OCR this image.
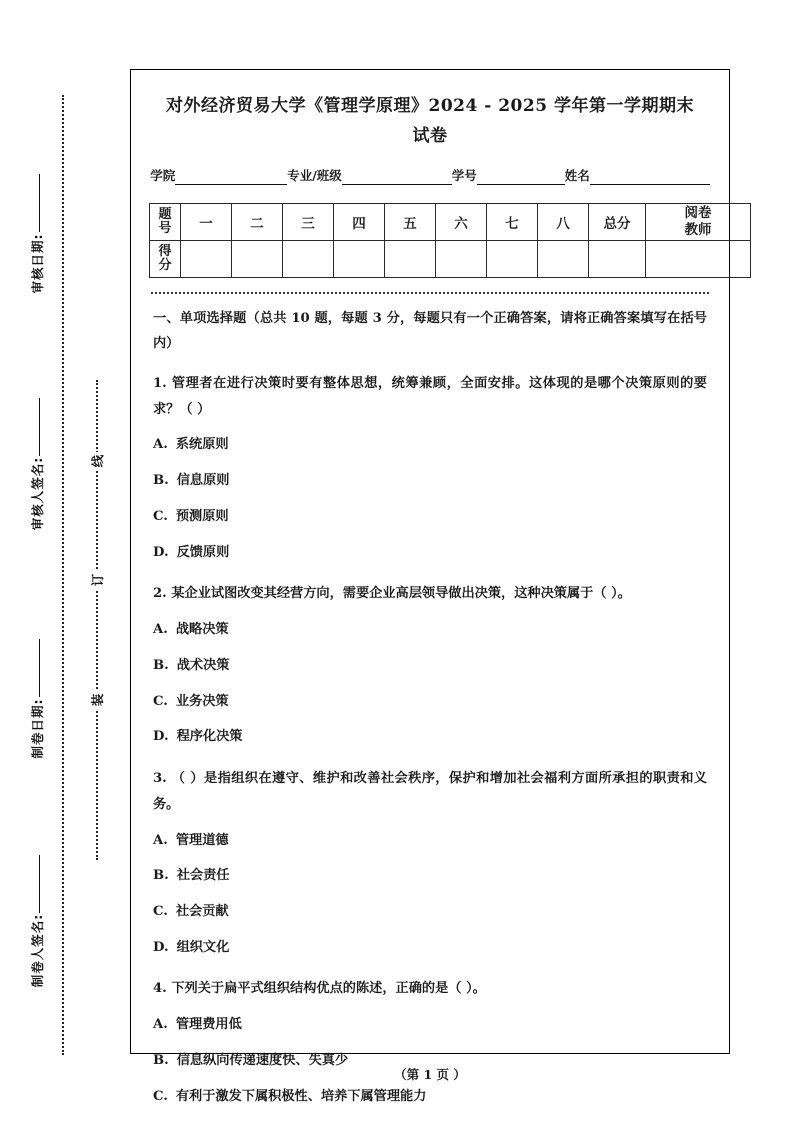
审核日期:
审核人签名:
制卷日期:
制卷人签名:
线
订
装
对外经济贸易大学《管理学原理》2024 - 2025 学年第一学期期末试卷
学院	专业/班级	学号	姓名
题
号	一	二	三	四	五	六	七	八	总分	阅卷
教师

得
分										

一、单项选择题（总共 10 题，每题 3 分，每题只有一个正确答案，请将正确答案填写在括号内）
1. 管理者在进行决策时要有整体思想，统筹兼顾，全面安排。这体现的是哪个决策原则的要求？（ ）
A. 系统原则
B. 信息原则
C. 预测原则
D. 反馈原则
2. 某企业试图改变其经营方向，需要企业高层领导做出决策，这种决策属于（ ）。
A. 战略决策
B. 战术决策
C. 业务决策
D. 程序化决策
3. （ ）是指组织在遵守、维护和改善社会秩序，保护和增加社会福利方面所承担的职责和义务。
A. 管理道德
B. 社会责任
C. 社会贡献
D. 组织文化
4. 下列关于扁平式组织结构优点的陈述，正确的是（ ）。
A. 管理费用低
B. 信息纵向传递速度快、失真少
C. 有利于激发下属积极性、培养下属管理能力
（第 1 页 ）
